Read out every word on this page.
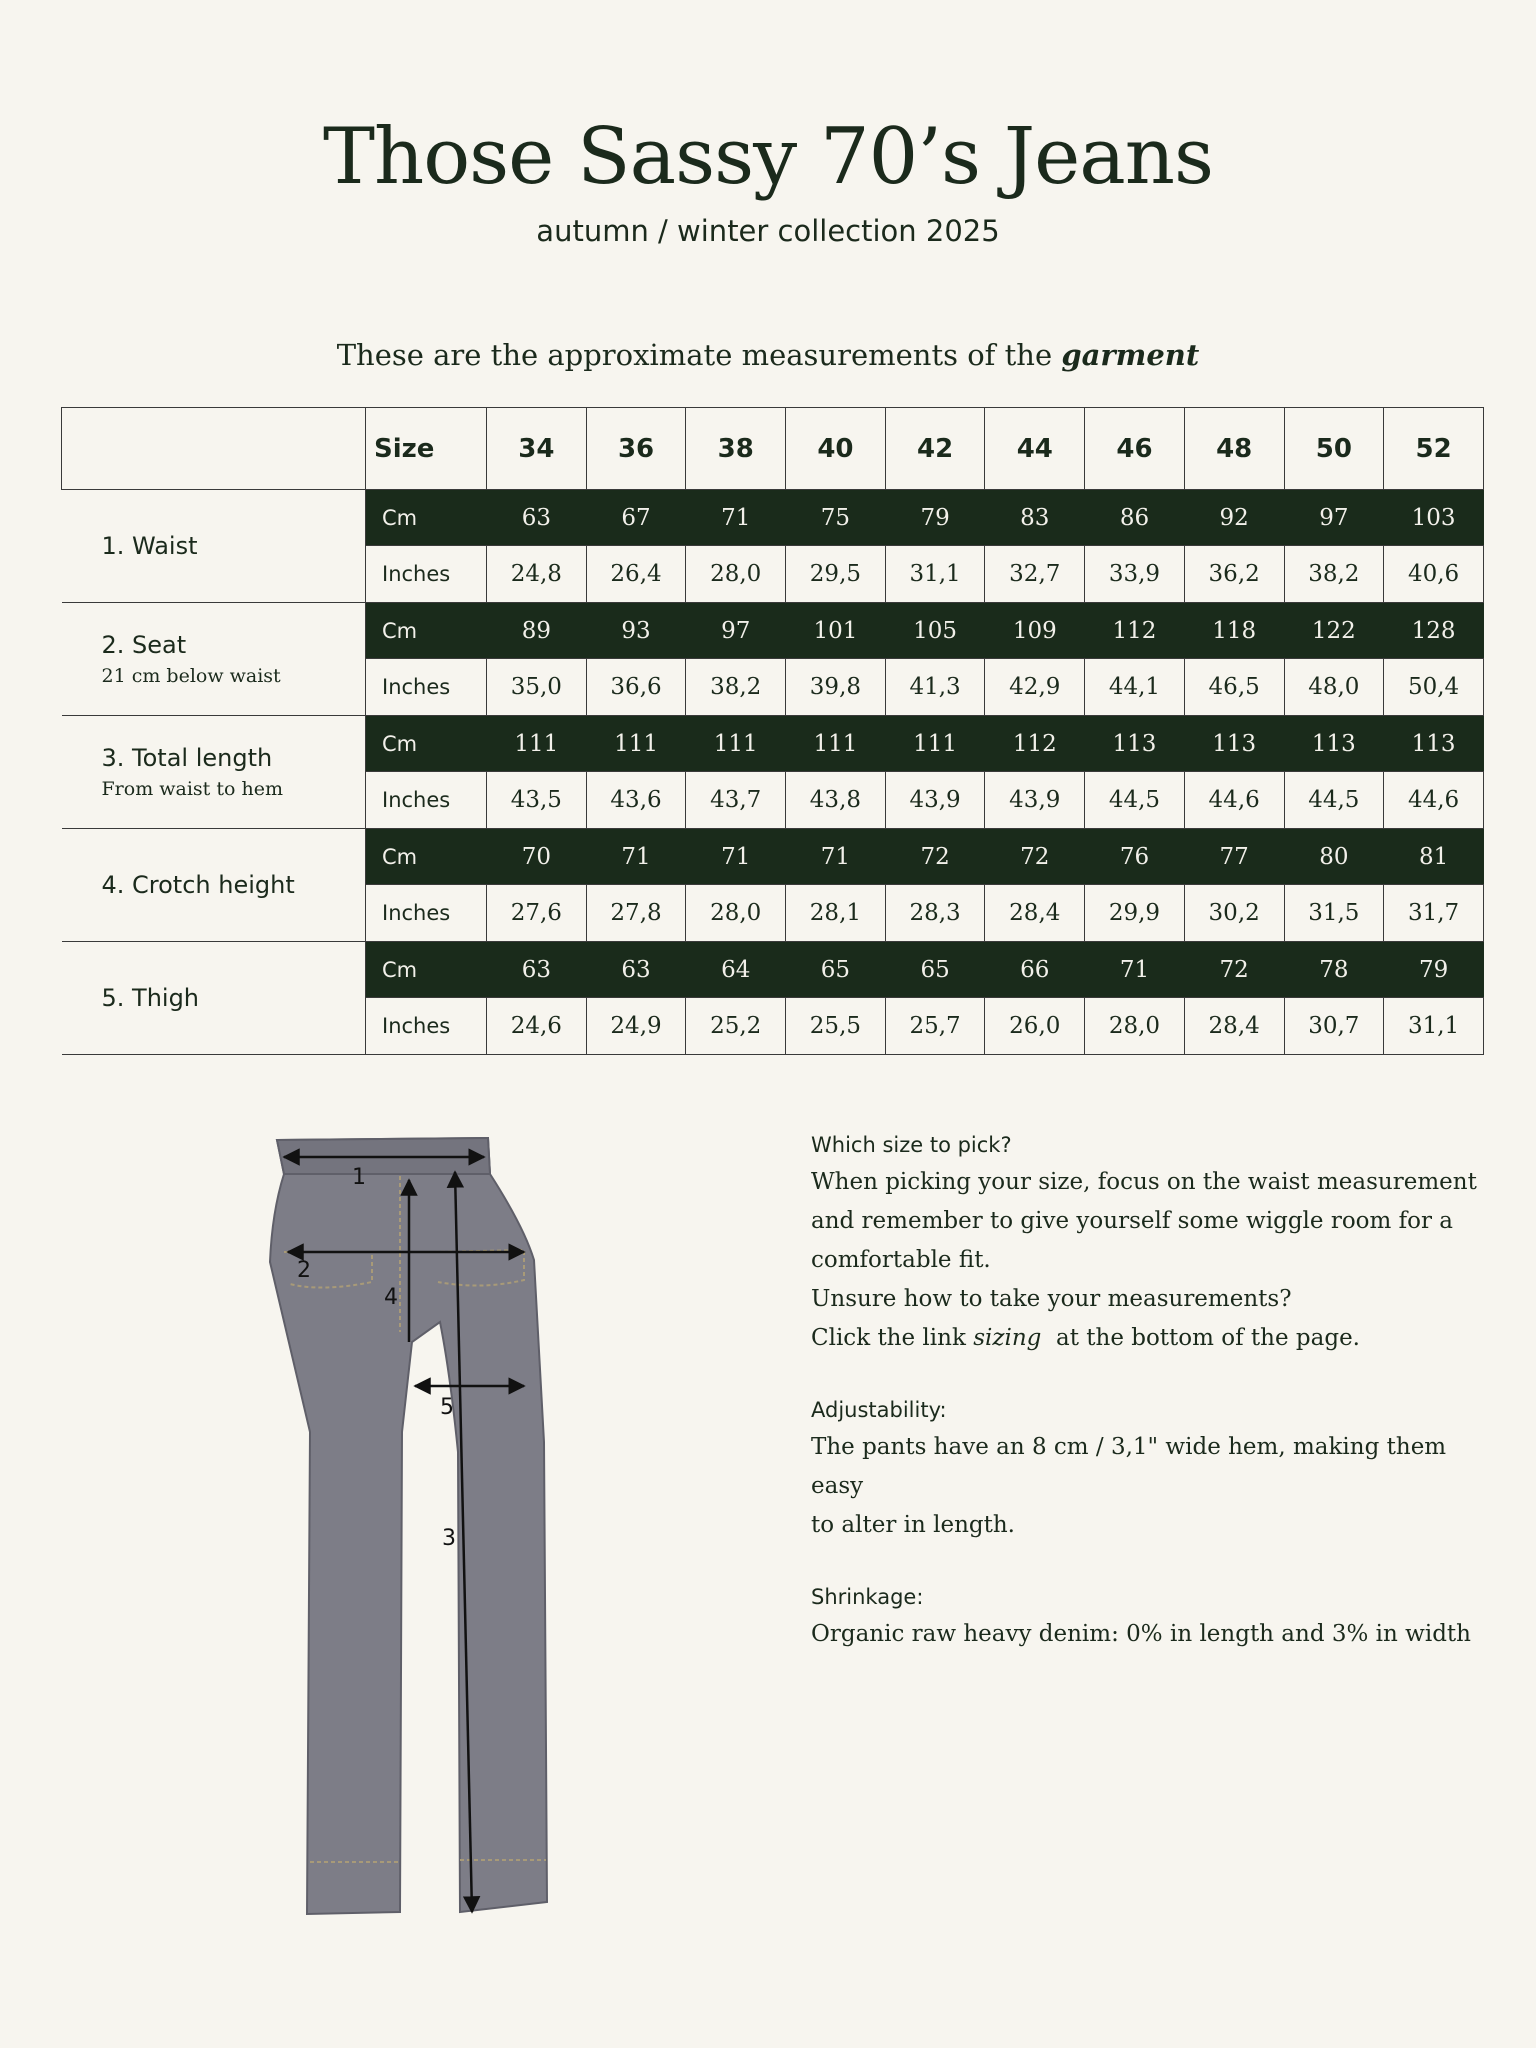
Those Sassy 70’s Jeans
autumn / winter collection 2025
These are the approximate measurements of the garment
	Size	34	36	38	40	42	44	46	48	50	52

1. Waist	Cm	63	67	71	75	79	83	86	92	97	103
	Inches	24,8	26,4	28,0	29,5	31,1	32,7	33,9	36,2	38,2	40,6

2. Seat
21 cm below waist	Cm	89	93	97	101	105	109	112	118	122	128
	Inches	35,0	36,6	38,2	39,8	41,3	42,9	44,1	46,5	48,0	50,4

3. Total length
From waist to hem	Cm	111	111	111	111	111	112	113	113	113	113
	Inches	43,5	43,6	43,7	43,8	43,9	43,9	44,5	44,6	44,5	44,6

4. Crotch height	Cm	70	71	71	71	72	72	76	77	80	81
	Inches	27,6	27,8	28,0	28,1	28,3	28,4	29,9	30,2	31,5	31,7

5. Thigh	Cm	63	63	64	65	65	66	71	72	78	79
	Inches	24,6	24,9	25,2	25,5	25,7	26,0	28,0	28,4	30,7	31,1
1
2
4
5
3
Which size to pick?
When picking your size, focus on the waist measurement
and remember to give yourself some wiggle room for a
comfortable fit.
Unsure how to take your measurements?
Click the link sizing  at the bottom of the page.
Adjustability:
The pants have an 8 cm / 3,1" wide hem, making them easy
to alter in length.
Shrinkage:
Organic raw heavy denim: 0% in length and 3% in width
